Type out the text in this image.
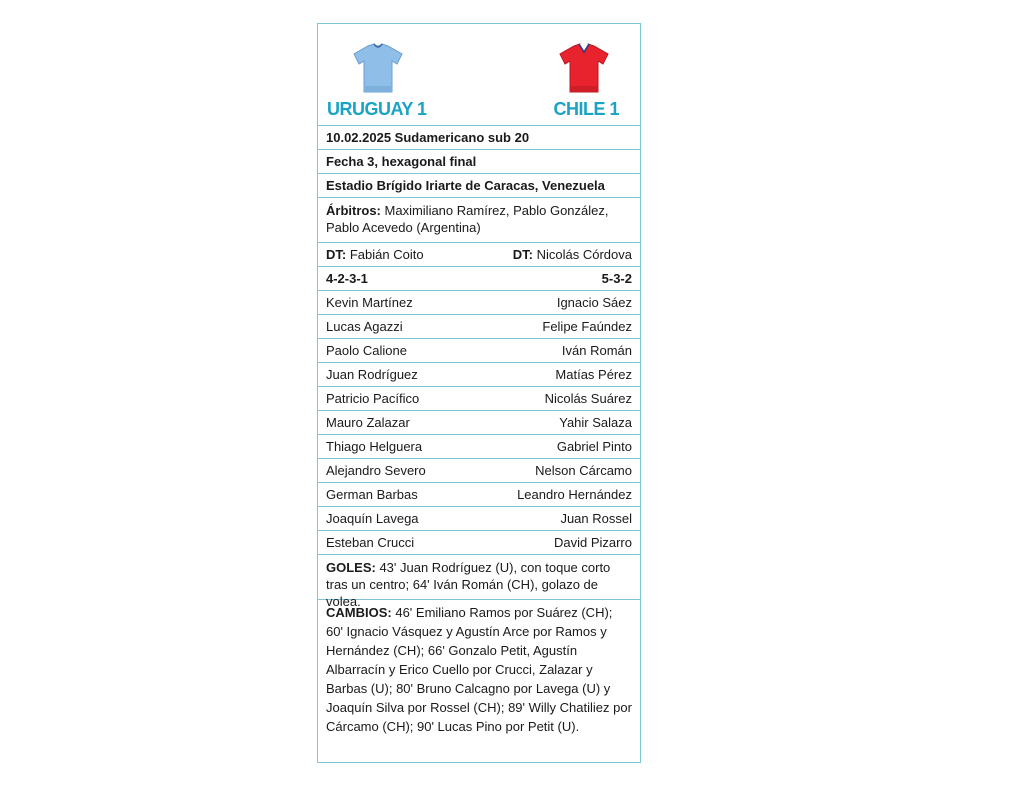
URUGUAY 1	CHILE 1
10.02.2025 Sudamericano sub 20
Fecha 3, hexagonal final
Estadio Brígido Iriarte de Caracas, Venezuela
Árbitros: Maximiliano Ramírez, Pablo González, Pablo Acevedo (Argentina)
DT: Fabián Coito	DT: Nicolás Córdova
4-2-3-1	5-3-2
Kevin Martínez	Ignacio Sáez
Lucas Agazzi	Felipe Faúndez
Paolo Calione	Iván Román
Juan Rodríguez	Matías Pérez
Patricio Pacífico	Nicolás Suárez
Mauro Zalazar	Yahir Salaza
Thiago Helguera	Gabriel Pinto
Alejandro Severo	Nelson Cárcamo
German Barbas	Leandro Hernández
Joaquín Lavega	Juan Rossel
Esteban Crucci	David Pizarro
GOLES: 43' Juan Rodríguez (U), con toque corto tras un centro; 64' Iván Román (CH), golazo de volea.
CAMBIOS: 46' Emiliano Ramos por Suárez (CH); 60' Ignacio Vásquez y Agustín Arce por Ramos y Hernández (CH); 66' Gonzalo Petit, Agustín Albarracín y Erico Cuello por Crucci, Zalazar y Barbas (U); 80' Bruno Calcagno por Lavega (U) y Joaquín Silva por Rossel (CH); 89' Willy Chatiliez por Cárcamo (CH); 90' Lucas Pino por Petit (U).
